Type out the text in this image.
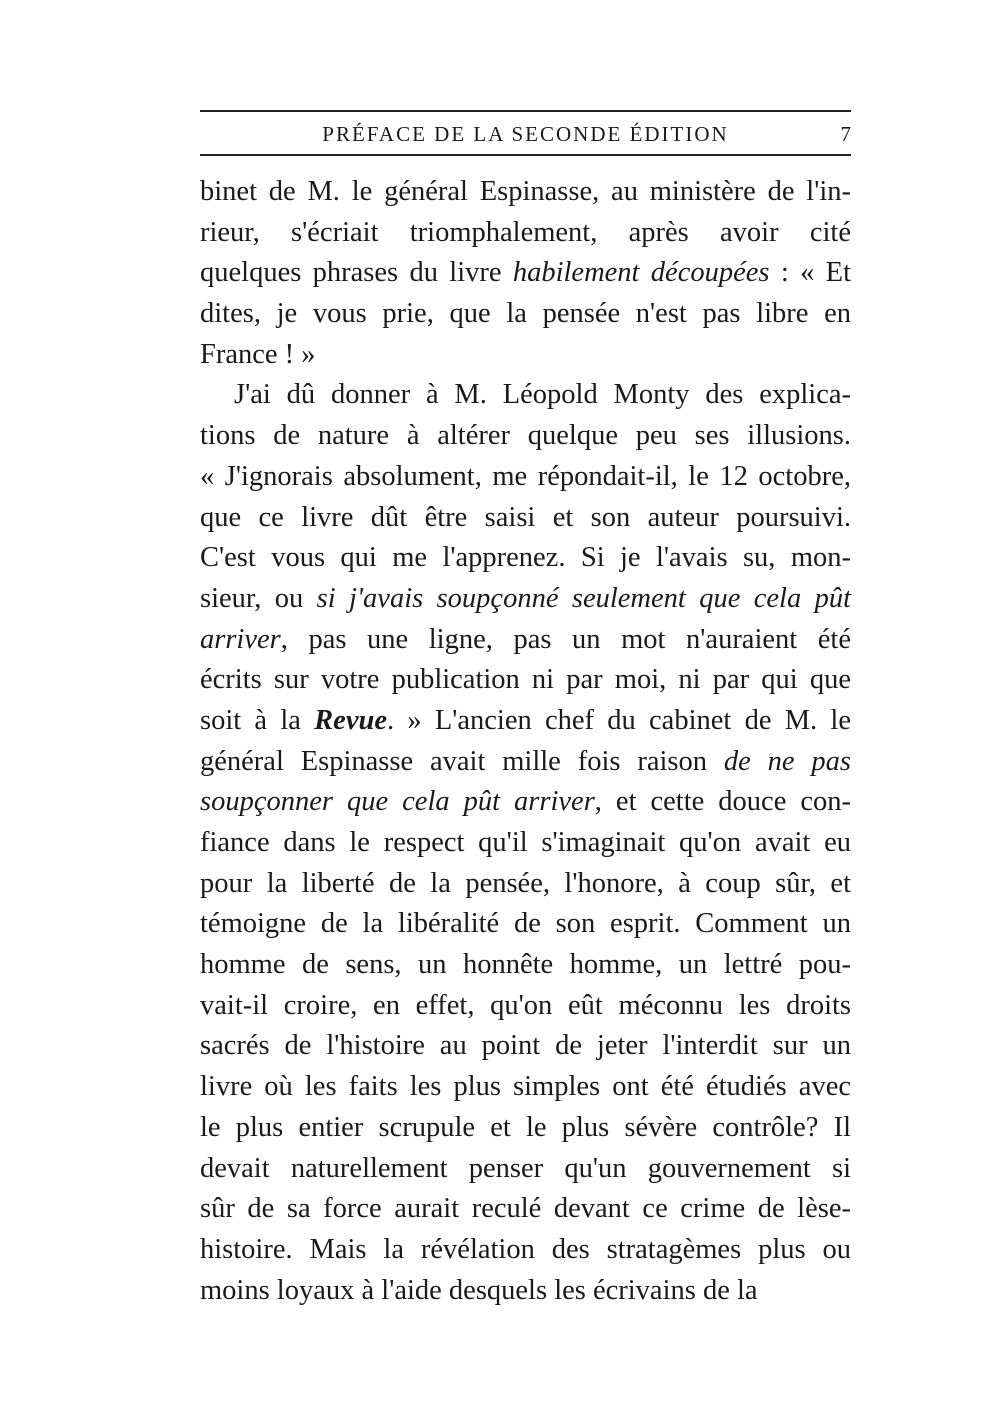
PRÉFACE DE LA SECONDE ÉDITION	7
binet de M. le général Espinasse, au ministère de l'in-
rieur, s'écriait triomphalement, après avoir cité
quelques phrases du livre habilement découpées : « Et
dites, je vous prie, que la pensée n'est pas libre en
France ! »
J'ai dû donner à M. Léopold Monty des explica-
tions de nature à altérer quelque peu ses illusions.
« J'ignorais absolument, me répondait-il, le 12 octobre,
que ce livre dût être saisi et son auteur poursuivi.
C'est vous qui me l'apprenez. Si je l'avais su, mon-
sieur, ou si j'avais soupçonné seulement que cela pût
arriver, pas une ligne, pas un mot n'auraient été
écrits sur votre publication ni par moi, ni par qui que
soit à la Revue. » L'ancien chef du cabinet de M. le
général Espinasse avait mille fois raison de ne pas
soupçonner que cela pût arriver, et cette douce con-
fiance dans le respect qu'il s'imaginait qu'on avait eu
pour la liberté de la pensée, l'honore, à coup sûr, et
témoigne de la libéralité de son esprit. Comment un
homme de sens, un honnête homme, un lettré pou-
vait-il croire, en effet, qu'on eût méconnu les droits
sacrés de l'histoire au point de jeter l'interdit sur un
livre où les faits les plus simples ont été étudiés avec
le plus entier scrupule et le plus sévère contrôle? Il
devait naturellement penser qu'un gouvernement si
sûr de sa force aurait reculé devant ce crime de lèse-
histoire. Mais la révélation des stratagèmes plus ou
moins loyaux à l'aide desquels les écrivains de la
